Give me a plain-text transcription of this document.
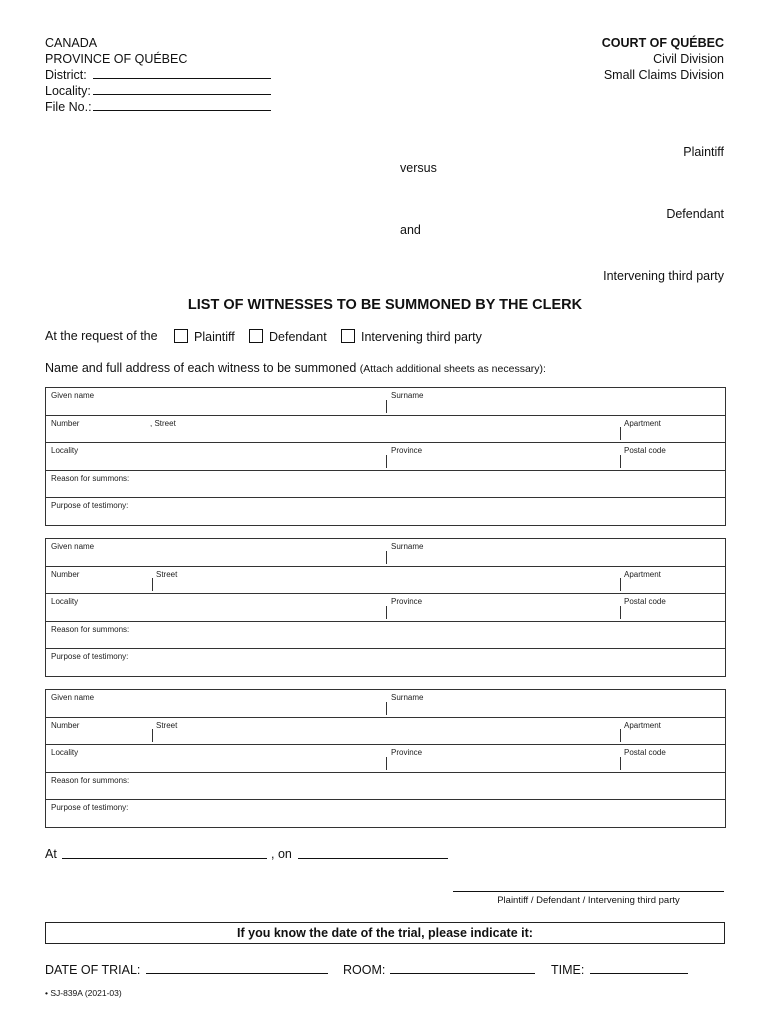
CANADA
PROVINCE OF QUÉBEC
District:
Locality:
File No.:
COURT OF QUÉBEC
Civil Division
Small Claims Division
Plaintiff
versus
Defendant
and
Intervening third party
LIST OF WITNESSES TO BE SUMMONED BY THE CLERK
At the request of the	Plaintiff	Defendant	Intervening third party
Name and full address of each witness to be summoned (Attach additional sheets as necessary):
Given name	Surname
Number	, Street	Apartment
Locality	Province	Postal code
Reason for summons:
Purpose of testimony:
Given name	Surname
Number	Street	Apartment
Locality	Province	Postal code
Reason for summons:
Purpose of testimony:
Given name	Surname
Number	Street	Apartment
Locality	Province	Postal code
Reason for summons:
Purpose of testimony:
At	, on
Plaintiff / Defendant / Intervening third party
If you know the date of the trial, please indicate it:
DATE OF TRIAL:	ROOM:	TIME:
• SJ-839A (2021-03)
